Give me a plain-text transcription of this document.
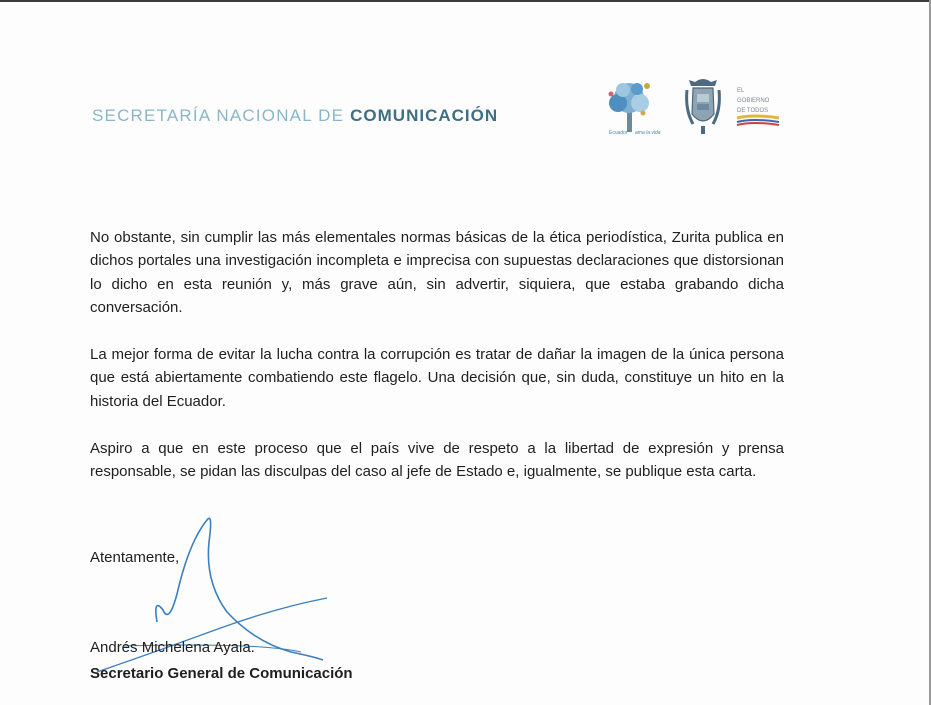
SECRETARÍA NACIONAL DE COMUNICACIÓN
Ecuador ama la vida
EL
GOBIERNO
DE TODOS

No obstante, sin cumplir las más elementales normas básicas de la ética periodística, Zurita publica en dichos portales una investigación incompleta e imprecisa con supuestas declaraciones que distorsionan lo dicho en esta reunión y, más grave aún, sin advertir, siquiera, que estaba grabando dicha conversación.

La mejor forma de evitar la lucha contra la corrupción es tratar de dañar la imagen de la única persona que está abiertamente combatiendo este flagelo. Una decisión que, sin duda, constituye un hito en la historia del Ecuador.

Aspiro a que en este proceso que el país vive de respeto a la libertad de expresión y prensa responsable, se pidan las disculpas del caso al jefe de Estado e, igualmente, se publique esta carta.

Atentamente,
Andrés Michelena Ayala.
Secretario General de Comunicación
